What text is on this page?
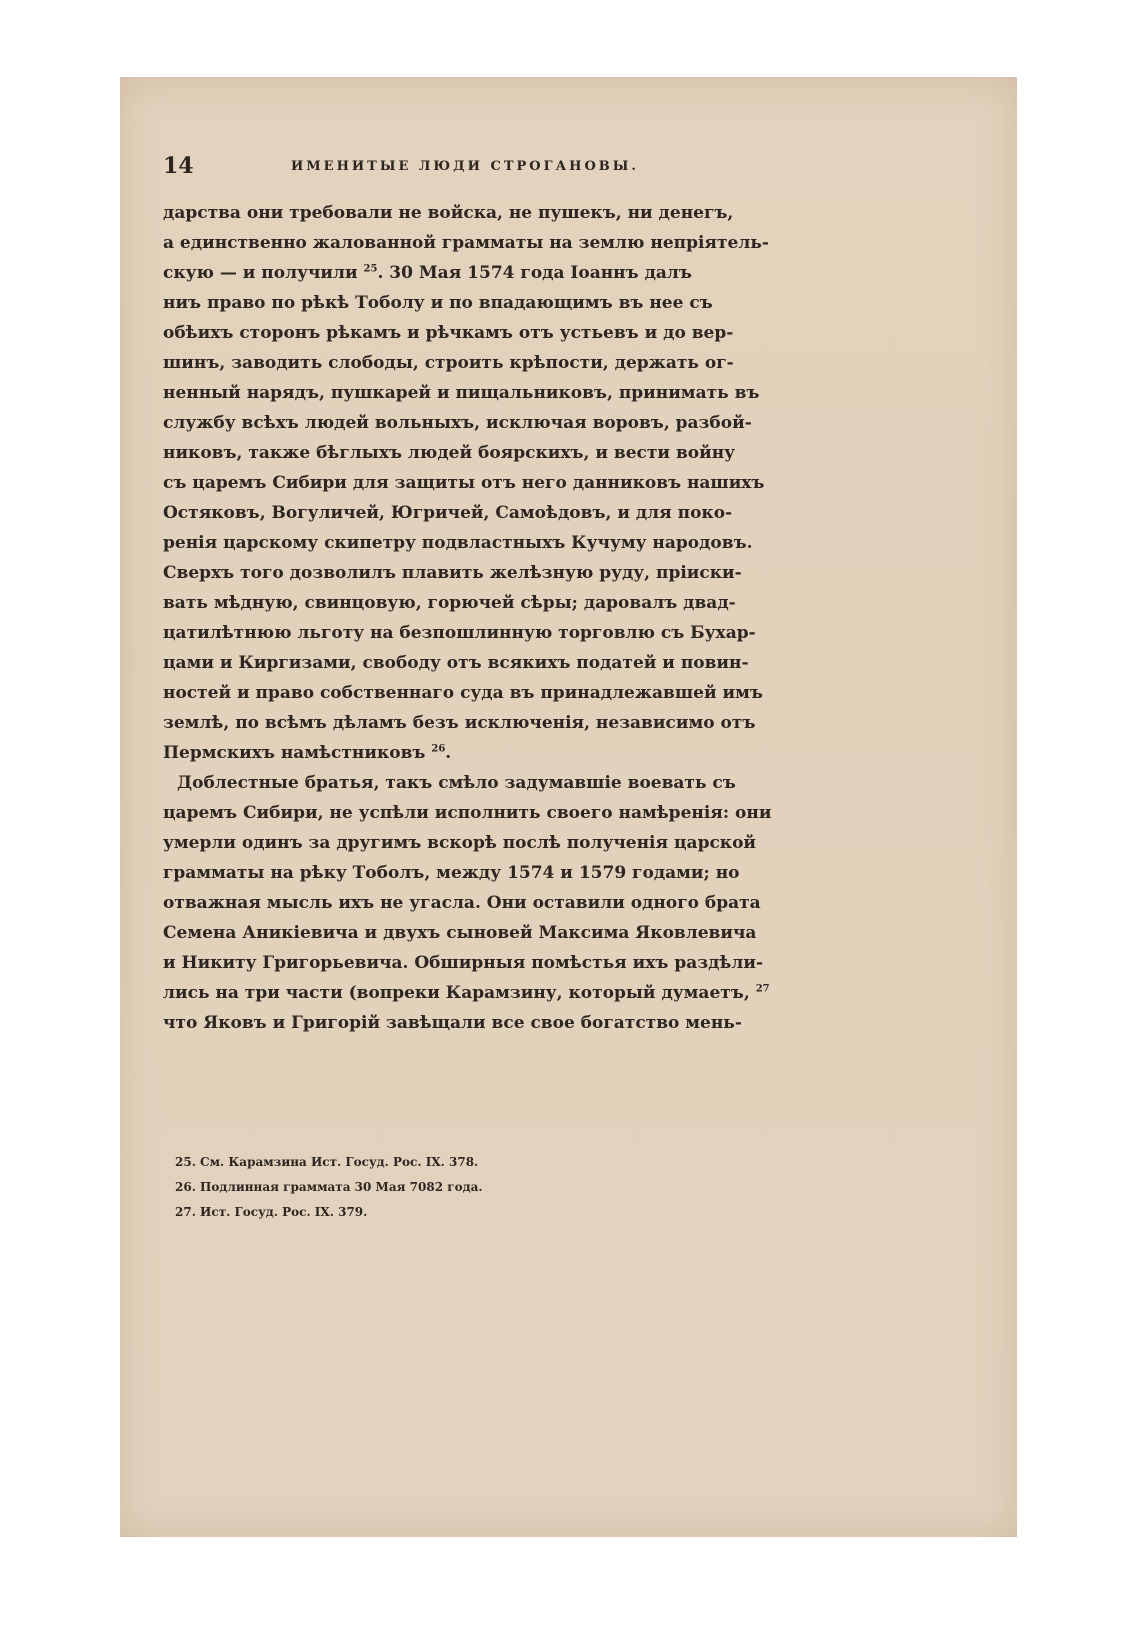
14	ИМЕНИТЫЕ ЛЮДИ СТРОГАНОВЫ.
дарства они требовали не войска, не пушекъ, ни денегъ,
а единственно жалованной грамматы на землю непріятель-
скую — и получили $^{25}$. 30 Мая 1574 года Іоаннъ далъ
ниъ право по рѣкѣ Тоболу и по впадающимъ въ нее съ
обѣихъ сторонъ рѣкамъ и рѣчкамъ отъ устьевъ и до вер-
шинъ, заводить слободы, строить крѣпости, держать ог-
ненный нарядъ, пушкарей и пищальниковъ, принимать въ
службу всѣхъ людей вольныхъ, исключая воровъ, разбой-
никовъ, также бѣглыхъ людей боярскихъ, и вести войну
съ царемъ Сибири для защиты отъ него данниковъ нашихъ
Остяковъ, Вогуличей, Югричей, Самоѣдовъ, и для поко-
ренія царскому скипетру подвластныхъ Кучуму народовъ.
Сверхъ того дозволилъ плавить желѣзную руду, пріиски-
вать мѣдную, свинцовую, горючей сѣры; даровалъ двад-
цатилѣтнюю льготу на безпошлинную торговлю съ Бухар-
цами и Киргизами, свободу отъ всякихъ податей и повин-
ностей и право собственнаго суда въ принадлежавшей имъ
землѣ, по всѣмъ дѣламъ безъ исключенія, независимо отъ
Пермскихъ намѣстниковъ $^{26}$.
Доблестные братья, такъ смѣло задумавшіе воевать съ
царемъ Сибири, не успѣли исполнить своего намѣренія: они
умерли одинъ за другимъ вскорѣ послѣ полученія царской
грамматы на рѣку Тоболъ, между 1574 и 1579 годами; но
отважная мысль ихъ не угасла. Они оставили одного брата
Семена Аникіевича и двухъ сыновей Максима Яковлевича
и Никиту Григорьевича. Обширныя помѣстья ихъ раздѣли-
лись на три части (вопреки Карамзину, который думаетъ, $^{27}$
что Яковъ и Григорій завѣщали все свое богатство мень-
25. См. Карамзина Ист. Госуд. Рос. IX. 378.
26. Подлинная граммата 30 Мая 7082 года.
27. Ист. Госуд. Рос. IX. 379.
